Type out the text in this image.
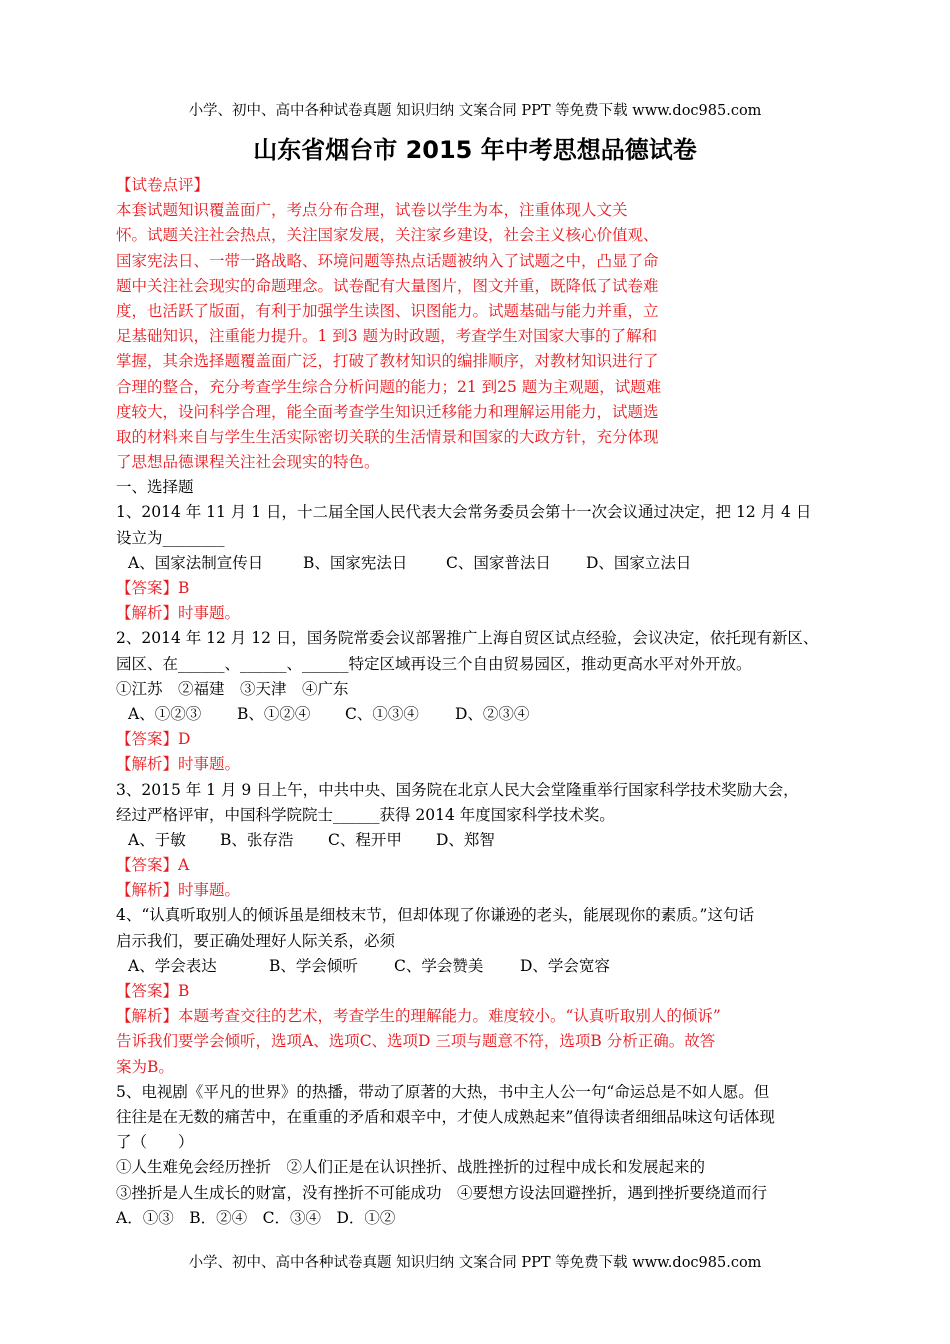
小学、初中、高中各种试卷真题 知识归纳 文案合同 PPT 等免费下载 www.doc985.com
山东省烟台市 2015 年中考思想品德试卷
【试卷点评】
本套试题知识覆盖面广，考点分布合理，试卷以学生为本，注重体现人文关
怀。试题关注社会热点，关注国家发展，关注家乡建设，社会主义核心价值观、
国家宪法日、一带一路战略、环境问题等热点话题被纳入了试题之中，凸显了命
题中关注社会现实的命题理念。试卷配有大量图片，图文并重，既降低了试卷难
度，也活跃了版面，有利于加强学生读图、识图能力。试题基础与能力并重，立
足基础知识，注重能力提升。1 到3 题为时政题，考查学生对国家大事的了解和
掌握，其余选择题覆盖面广泛，打破了教材知识的编排顺序，对教材知识进行了
合理的整合，充分考查学生综合分析问题的能力；21 到25 题为主观题，试题难
度较大，设问科学合理，能全面考查学生知识迁移能力和理解运用能力，试题选
取的材料来自与学生生活实际密切关联的生活情景和国家的大政方针，充分体现
了思想品德课程关注社会现实的特色。
一、选择题
1、2014 年 11 月 1 日，十二届全国人民代表大会常务委员会第十一次会议通过决定，把 12 月 4 日
设立为________
A、国家法制宣传日	B、国家宪法日 C、国家普法日 D、国家立法日
【答案】B
【解析】时事题。
2、2014 年 12 月 12 日，国务院常委会议部署推广上海自贸区试点经验，会议决定，依托现有新区、
园区、在______、______、______特定区域再设三个自由贸易园区，推动更高水平对外开放。
①江苏　②福建　③天津　④广东
A、①②③ B、①②④ C、①③④ D、②③④
【答案】D
【解析】时事题。
3、2015 年 1 月 9 日上午，中共中央、国务院在北京人民大会堂隆重举行国家科学技术奖励大会，
经过严格评审，中国科学院院士______获得 2014 年度国家科学技术奖。
A、于敏 B、张存浩 C、程开甲 D、郑智
【答案】A
【解析】时事题。
4、“认真听取别人的倾诉虽是细枝末节，但却体现了你谦逊的老头，能展现你的素质。”这句话
启示我们，要正确处理好人际关系，必须
A、学会表达	B、学会倾听 C、学会赞美 D、学会宽容
【答案】B
【解析】本题考查交往的艺术，考查学生的理解能力。难度较小。“认真听取别人的倾诉”
告诉我们要学会倾听，选项A、选项C、选项D 三项与题意不符，选项B 分析正确。故答
案为B。
5、电视剧《平凡的世界》的热播，带动了原著的大热，书中主人公一句“命运总是不如人愿。但
往往是在无数的痛苦中，在重重的矛盾和艰辛中，才使人成熟起来”值得读者细细品味这句话体现
了（　　）
①人生难免会经历挫折　②人们正是在认识挫折、战胜挫折的过程中成长和发展起来的
③挫折是人生成长的财富，没有挫折不可能成功　④要想方设法回避挫折，遇到挫折要绕道而行
A．①③　B．②④　C．③④　D．①②
小学、初中、高中各种试卷真题 知识归纳 文案合同 PPT 等免费下载 www.doc985.com
